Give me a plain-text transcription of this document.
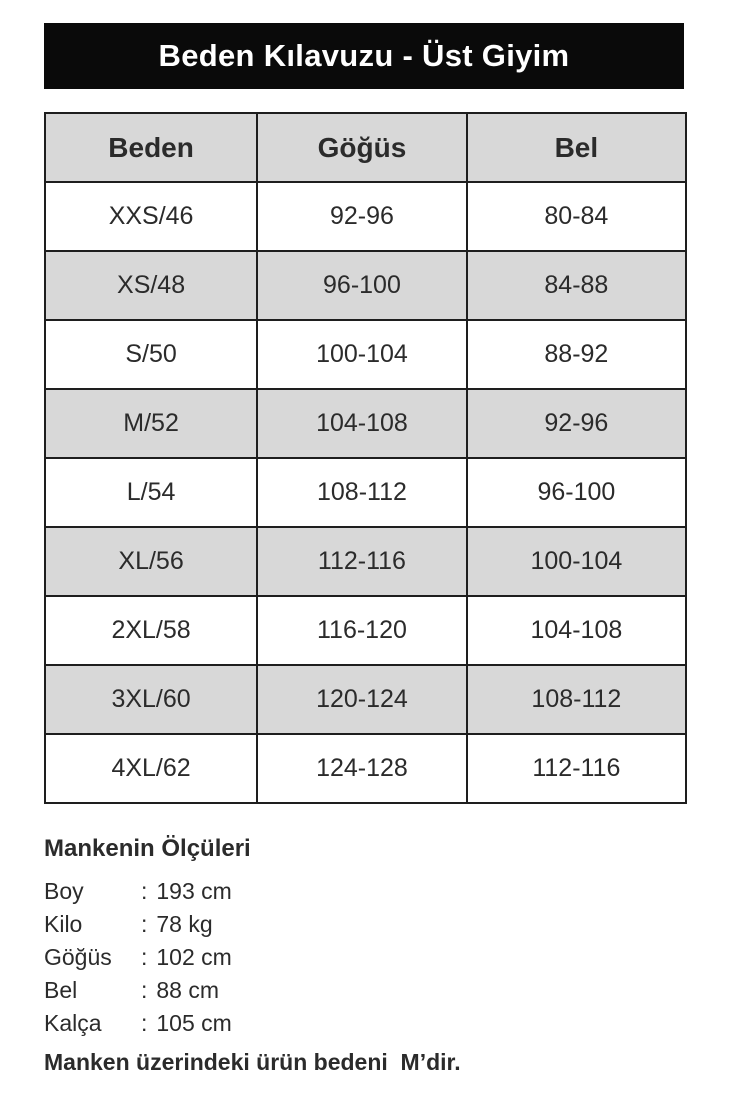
Beden Kılavuzu - Üst Giyim
Beden	Göğüs	Bel
XXS/46	92-96	80-84
XS/48	96-100	84-88
S/50	100-104	88-92
M/52	104-108	92-96
L/54	108-112	96-100
XL/56	112-116	100-104
2XL/58	116-120	104-108
3XL/60	120-124	108-112
4XL/62	124-128	112-116
Mankenin Ölçüleri
Boy	: 193 cm
Kilo	: 78 kg
Göğüs	: 102 cm
Bel	: 88 cm
Kalça	: 105 cm

Manken üzerindeki ürün bedeni  M’dir.
